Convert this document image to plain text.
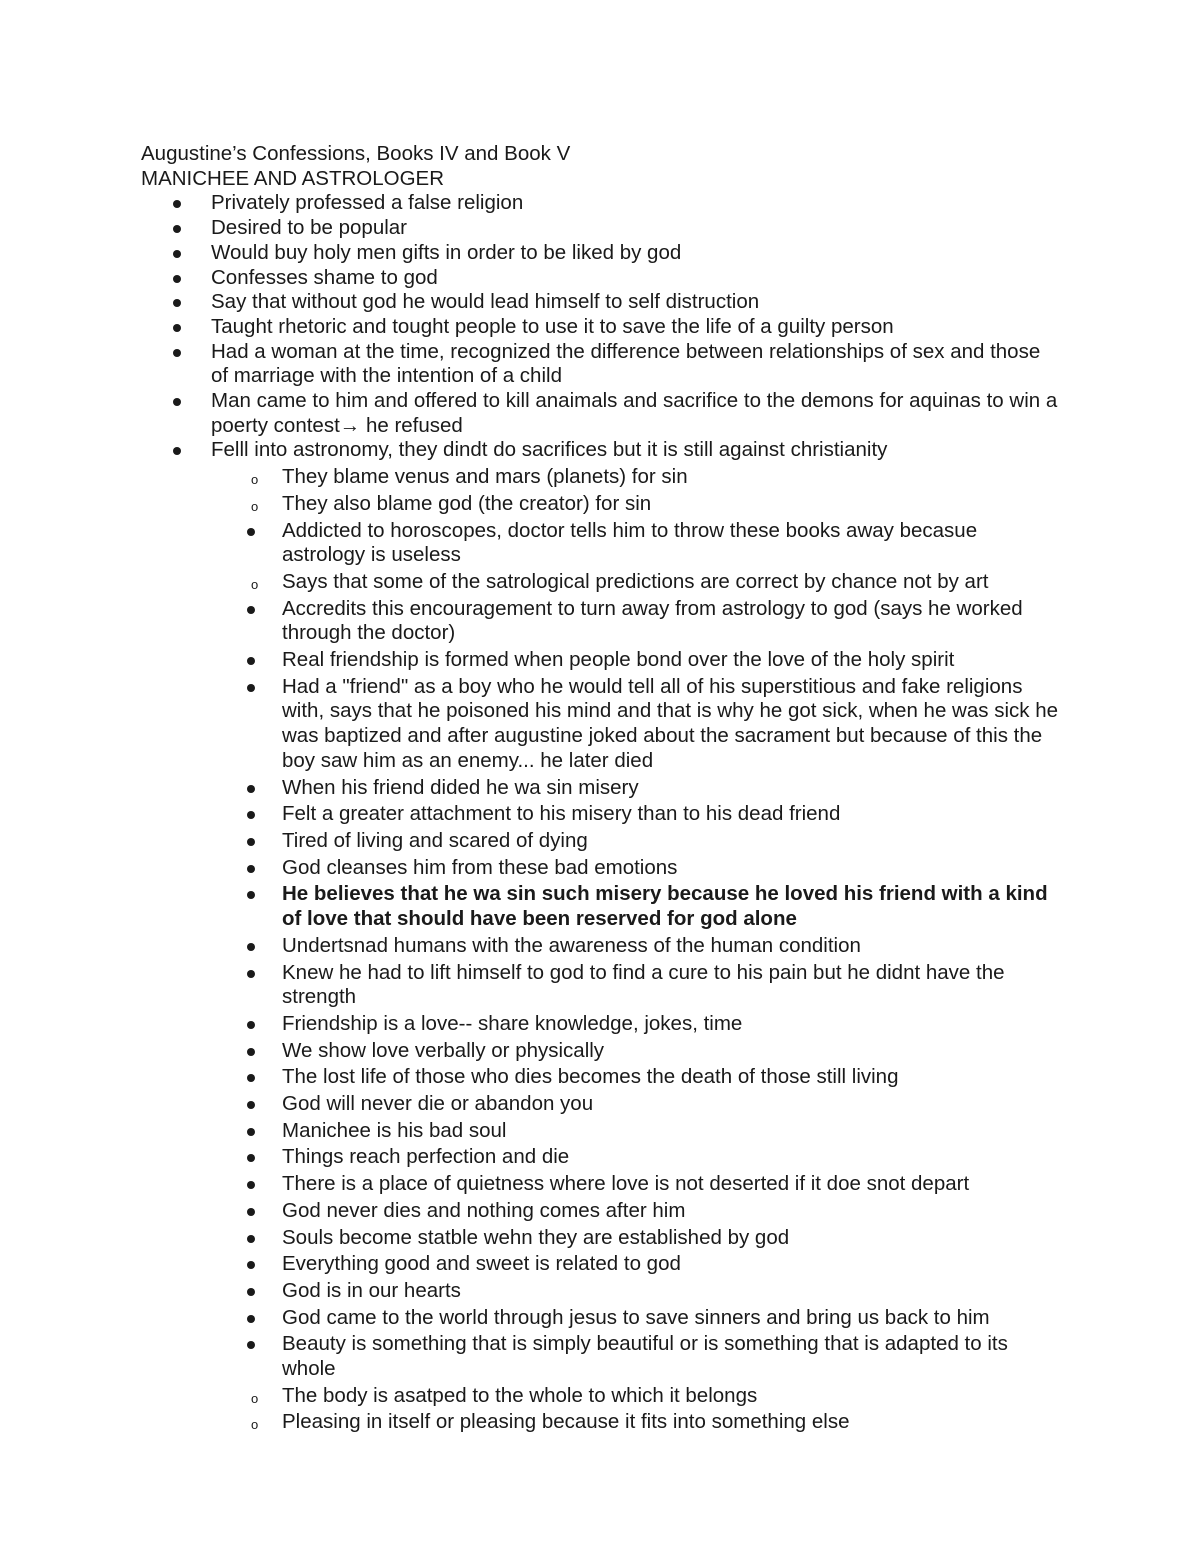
Augustine’s Confessions, Books IV and Book V
MANICHEE AND ASTROLOGER
Privately professed a false religion
Desired to be popular
Would buy holy men gifts in order to be liked by god
Confesses shame to god
Say that without god he would lead himself to self distruction
Taught rhetoric and tought people to use it to save the life of a guilty person
Had a woman at the time, recognized the difference between relationships of sex and those of marriage with the intention of a child
Man came to him and offered to kill anaimals and sacrifice to the demons for aquinas to win a poerty contest→ he refused
Felll into astronomy, they dindt do sacrifices but it is still against christianity
o They blame venus and mars (planets) for sin
o They also blame god (the creator) for sin
Addicted to horoscopes, doctor tells him to throw these books away becasue astrology is useless
o Says that some of the satrological predictions are correct by chance not by art
Accredits this encouragement to turn away from astrology to god (says he worked through the doctor)
Real friendship is formed when people bond over the love of the holy spirit
Had a "friend" as a boy who he would tell all of his superstitious and fake religions with, says that he poisoned his mind and that is why he got sick, when he was sick he was baptized and after augustine joked about the sacrament but because of this the boy saw him as an enemy... he later died
When his friend dided he wa sin misery
Felt a greater attachment to his misery than to his dead friend
Tired of living and scared of dying
God cleanses him from these bad emotions
He believes that he wa sin such misery because he loved his friend with a kind of love that should have been reserved for god alone
Undertsnad humans with the awareness of the human condition
Knew he had to lift himself to god to find a cure to his pain but he didnt have the strength
Friendship is a love-- share knowledge, jokes, time
We show love verbally or physically
The lost life of those who dies becomes the death of those still living
God will never die or abandon you
Manichee is his bad soul
Things reach perfection and die
There is a place of quietness where love is not deserted if it doe snot depart
God never dies and nothing comes after him
Souls become statble wehn they are established by god
Everything good and sweet is related to god
God is in our hearts
God came to the world through jesus to save sinners and bring us back to him
Beauty is something that is simply beautiful or is something that is adapted to its whole
o The body is asatped to the whole to which it belongs
o Pleasing in itself or pleasing because it fits into something else
